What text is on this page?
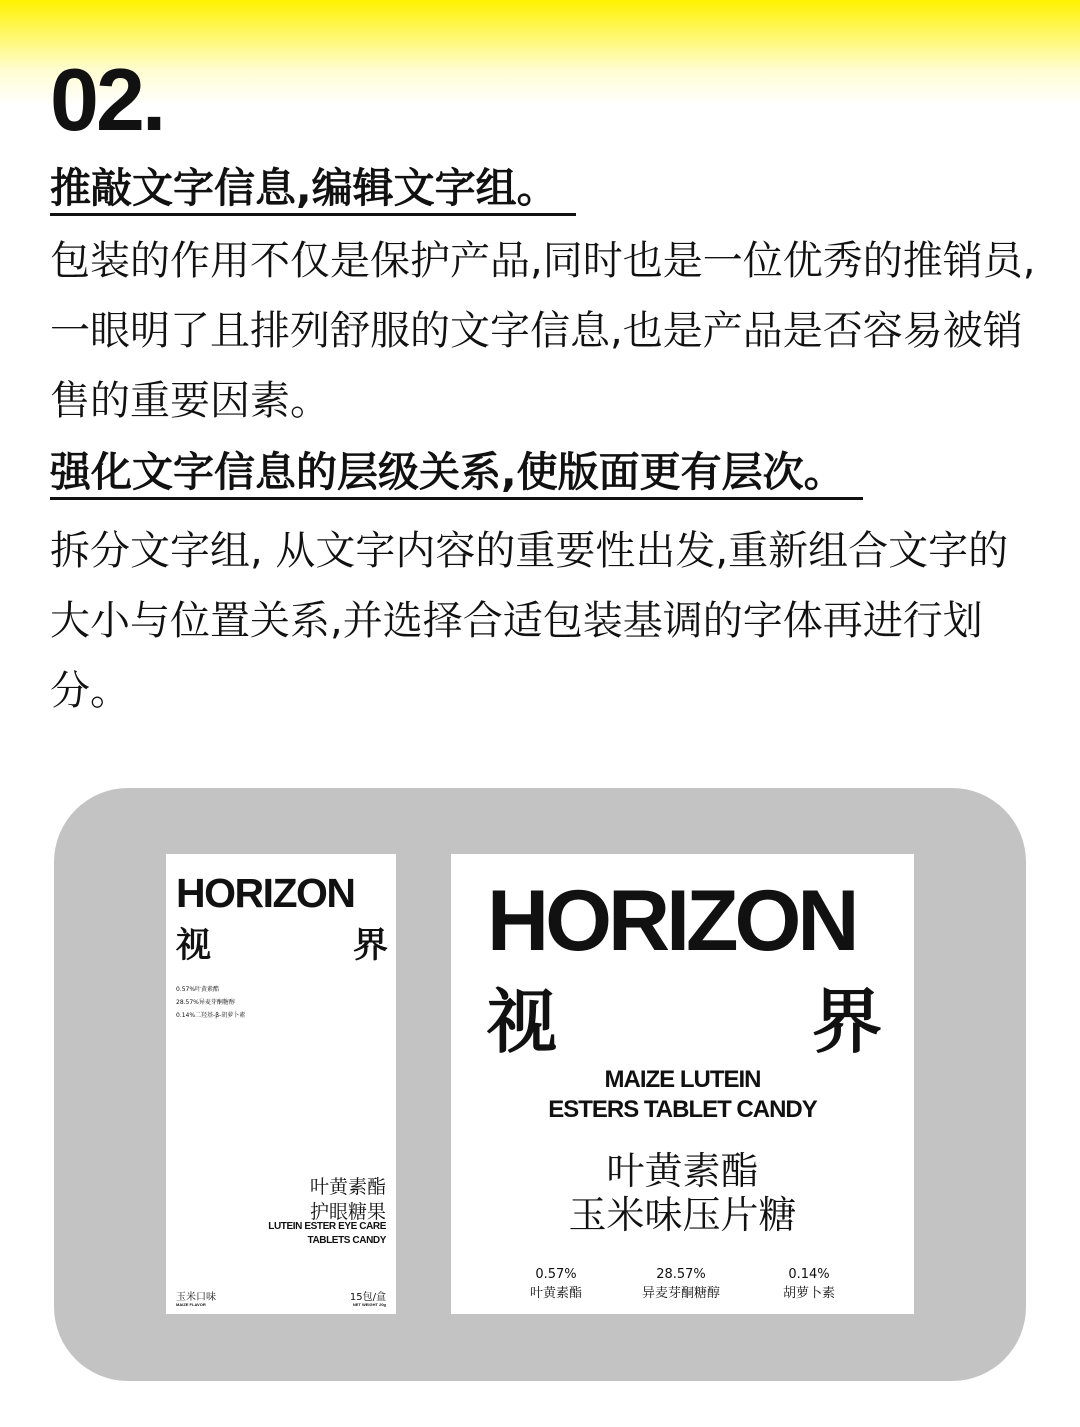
02.
推敲文字信息,编辑文字组。
包装的作用不仅是保护产品,同时也是一位优秀的推销员,一眼明了且排列舒服的文字信息,也是产品是否容易被销售的重要因素。
强化文字信息的层级关系,使版面更有层次。
拆分文字组, 从文字内容的重要性出发,重新组合文字的大小与位置关系,并选择合适包装基调的字体再进行划分。
HORIZON
视	界
0.57%叶黄素酯
28.57%异麦芽酮糖醇
0.14%二羟基-β-胡萝卜素
叶黄素酯
护眼糖果
LUTEIN ESTER EYE CARE
TABLETS CANDY
玉米口味
MAIZE FLAVOR
15包/盒
NET WEIGHT 20g
HORIZON
视	界
MAIZE LUTEIN
ESTERS TABLET CANDY
叶黄素酯
玉米味压片糖
0.57%
叶黄素酯
28.57%
异麦芽酮糖醇
0.14%
胡萝卜素
